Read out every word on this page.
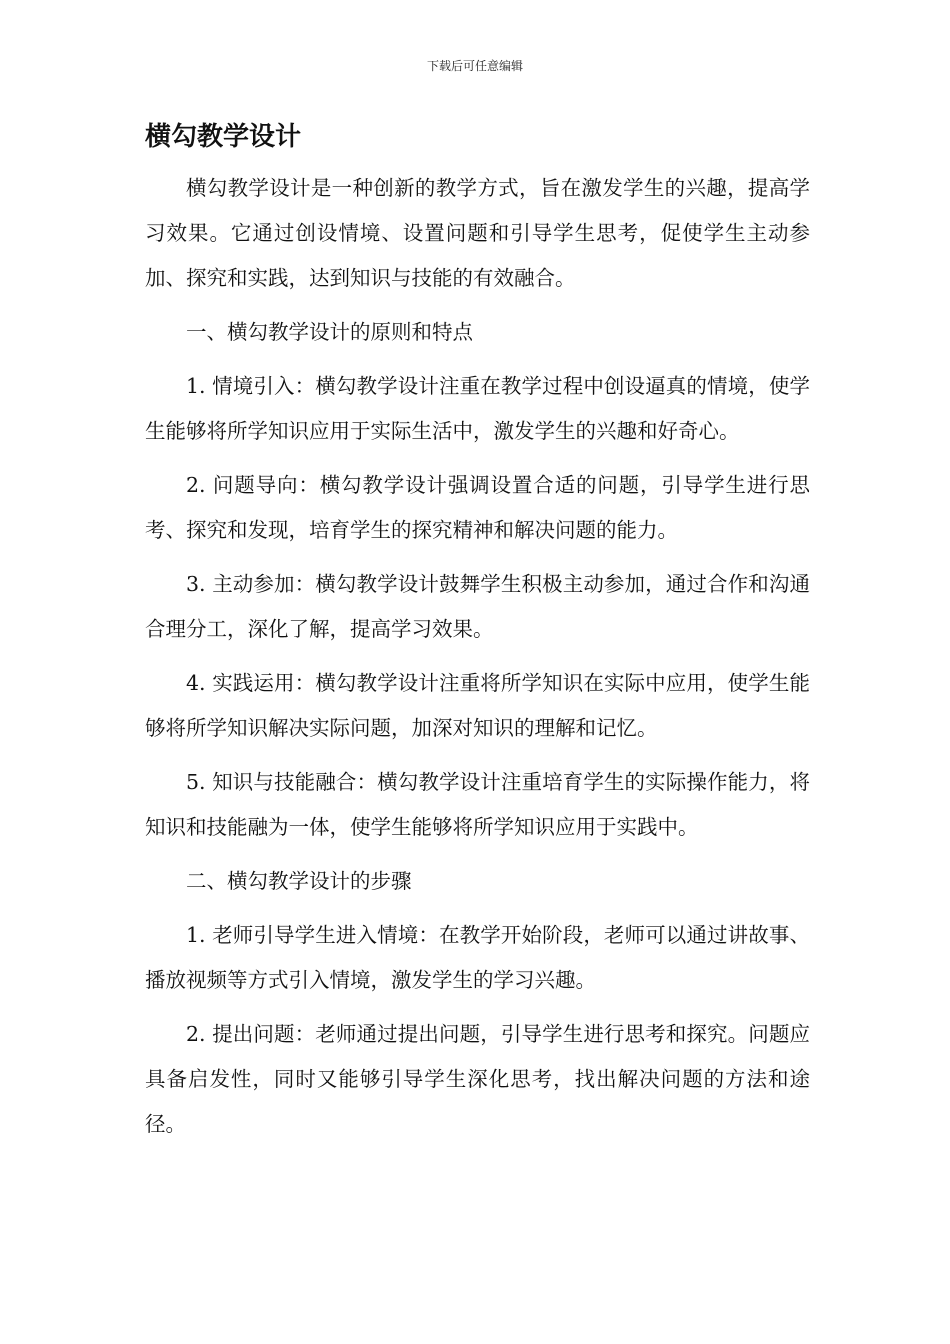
下载后可任意编辑
横勾教学设计

横勾教学设计是一种创新的教学方式，旨在激发学生的兴趣，提高学习效果。它通过创设情境、设置问题和引导学生思考，促使学生主动参加、探究和实践，达到知识与技能的有效融合。

一、横勾教学设计的原则和特点

1. 情境引入：横勾教学设计注重在教学过程中创设逼真的情境，使学生能够将所学知识应用于实际生活中，激发学生的兴趣和好奇心。

2. 问题导向：横勾教学设计强调设置合适的问题，引导学生进行思考、探究和发现，培育学生的探究精神和解决问题的能力。

3. 主动参加：横勾教学设计鼓舞学生积极主动参加，通过合作和沟通合理分工，深化了解，提高学习效果。

4. 实践运用：横勾教学设计注重将所学知识在实际中应用，使学生能够将所学知识解决实际问题，加深对知识的理解和记忆。

5. 知识与技能融合：横勾教学设计注重培育学生的实际操作能力，将知识和技能融为一体，使学生能够将所学知识应用于实践中。

二、横勾教学设计的步骤

1. 老师引导学生进入情境：在教学开始阶段，老师可以通过讲故事、播放视频等方式引入情境，激发学生的学习兴趣。

2. 提出问题：老师通过提出问题，引导学生进行思考和探究。问题应具备启发性，同时又能够引导学生深化思考，找出解决问题的方法和途径。
